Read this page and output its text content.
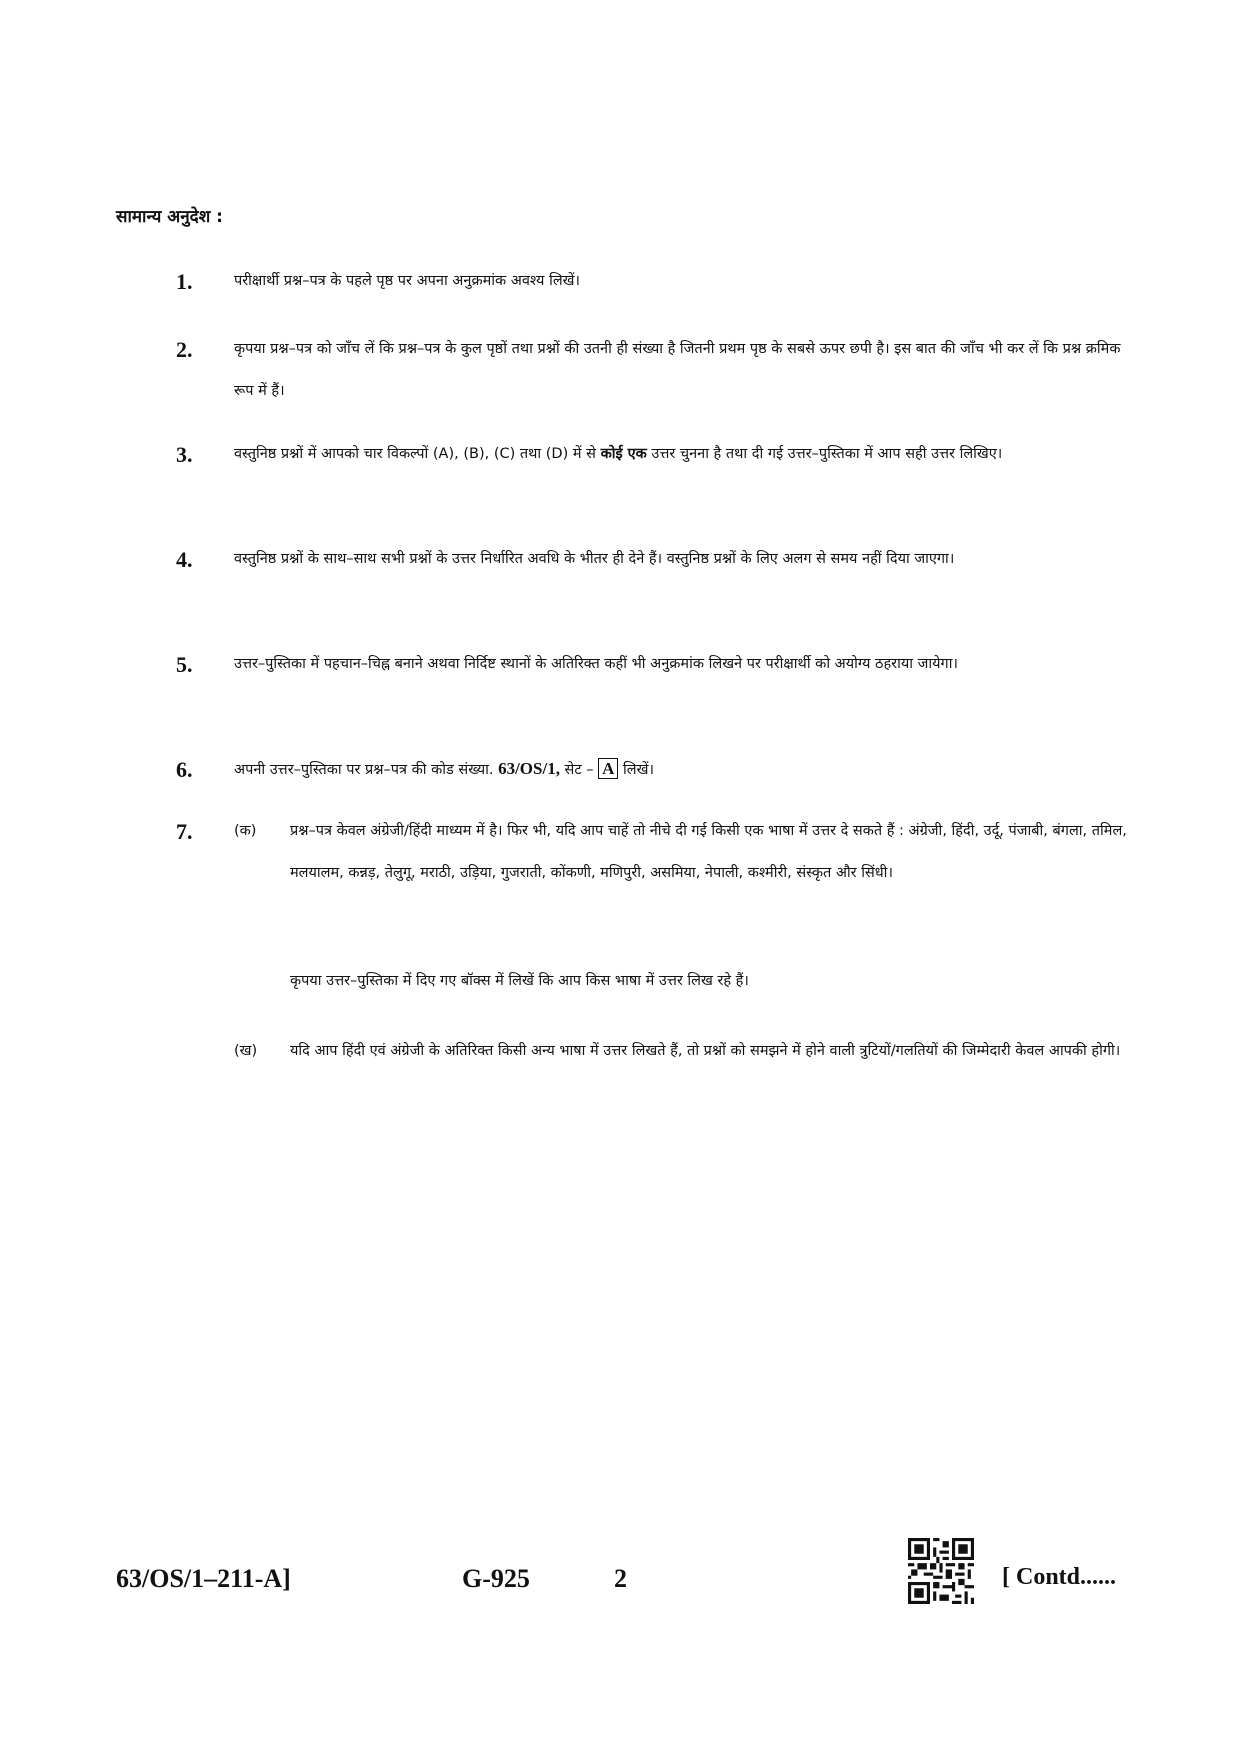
सामान्य अनुदेश :
1.	परीक्षार्थी प्रश्न–पत्र के पहले पृष्ठ पर अपना अनुक्रमांक अवश्य लिखें।
2.	कृपया प्रश्न–पत्र को जाँच लें कि प्रश्न–पत्र के कुल पृष्ठों तथा प्रश्नों की उतनी ही संख्या है जितनी प्रथम पृष्ठ के सबसे ऊपर छपी है। इस बात की जाँच भी कर लें कि प्रश्न क्रमिक रूप में हैं।
3.	वस्तुनिष्ठ प्रश्नों में आपको चार विकल्पों (A), (B), (C) तथा (D) में से कोई एक उत्तर चुनना है तथा दी गई उत्तर–पुस्तिका में आप सही उत्तर लिखिए।
4.	वस्तुनिष्ठ प्रश्नों के साथ–साथ सभी प्रश्नों के उत्तर निर्धारित अवधि के भीतर ही देने हैं। वस्तुनिष्ठ प्रश्नों के लिए अलग से समय नहीं दिया जाएगा।
5.	उत्तर–पुस्तिका में पहचान–चिह्न बनाने अथवा निर्दिष्ट स्थानों के अतिरिक्त कहीं भी अनुक्रमांक लिखने पर परीक्षार्थी को अयोग्य ठहराया जायेगा।
6.	अपनी उत्तर–पुस्तिका पर प्रश्न–पत्र की कोड संख्या. 63/OS/1, सेट – A लिखें।
7.	(क) प्रश्न–पत्र केवल अंग्रेजी/हिंदी माध्यम में है। फिर भी, यदि आप चाहें तो नीचे दी गई किसी एक भाषा में उत्तर दे सकते हैं : अंग्रेजी, हिंदी, उर्दू, पंजाबी, बंगला, तमिल, मलयालम, कन्नड़, तेलुगू, मराठी, उड़िया, गुजराती, कोंकणी, मणिपुरी, असमिया, नेपाली, कश्मीरी, संस्कृत और सिंधी।
कृपया उत्तर–पुस्तिका में दिए गए बॉक्स में लिखें कि आप किस भाषा में उत्तर लिख रहे हैं।
(ख) यदि आप हिंदी एवं अंग्रेजी के अतिरिक्त किसी अन्य भाषा में उत्तर लिखते हैं, तो प्रश्नों को समझने में होने वाली त्रुटियों/गलतियों की जिम्मेदारी केवल आपकी होगी।
63/OS/1–211-A]	G-925	2	[ Contd......
